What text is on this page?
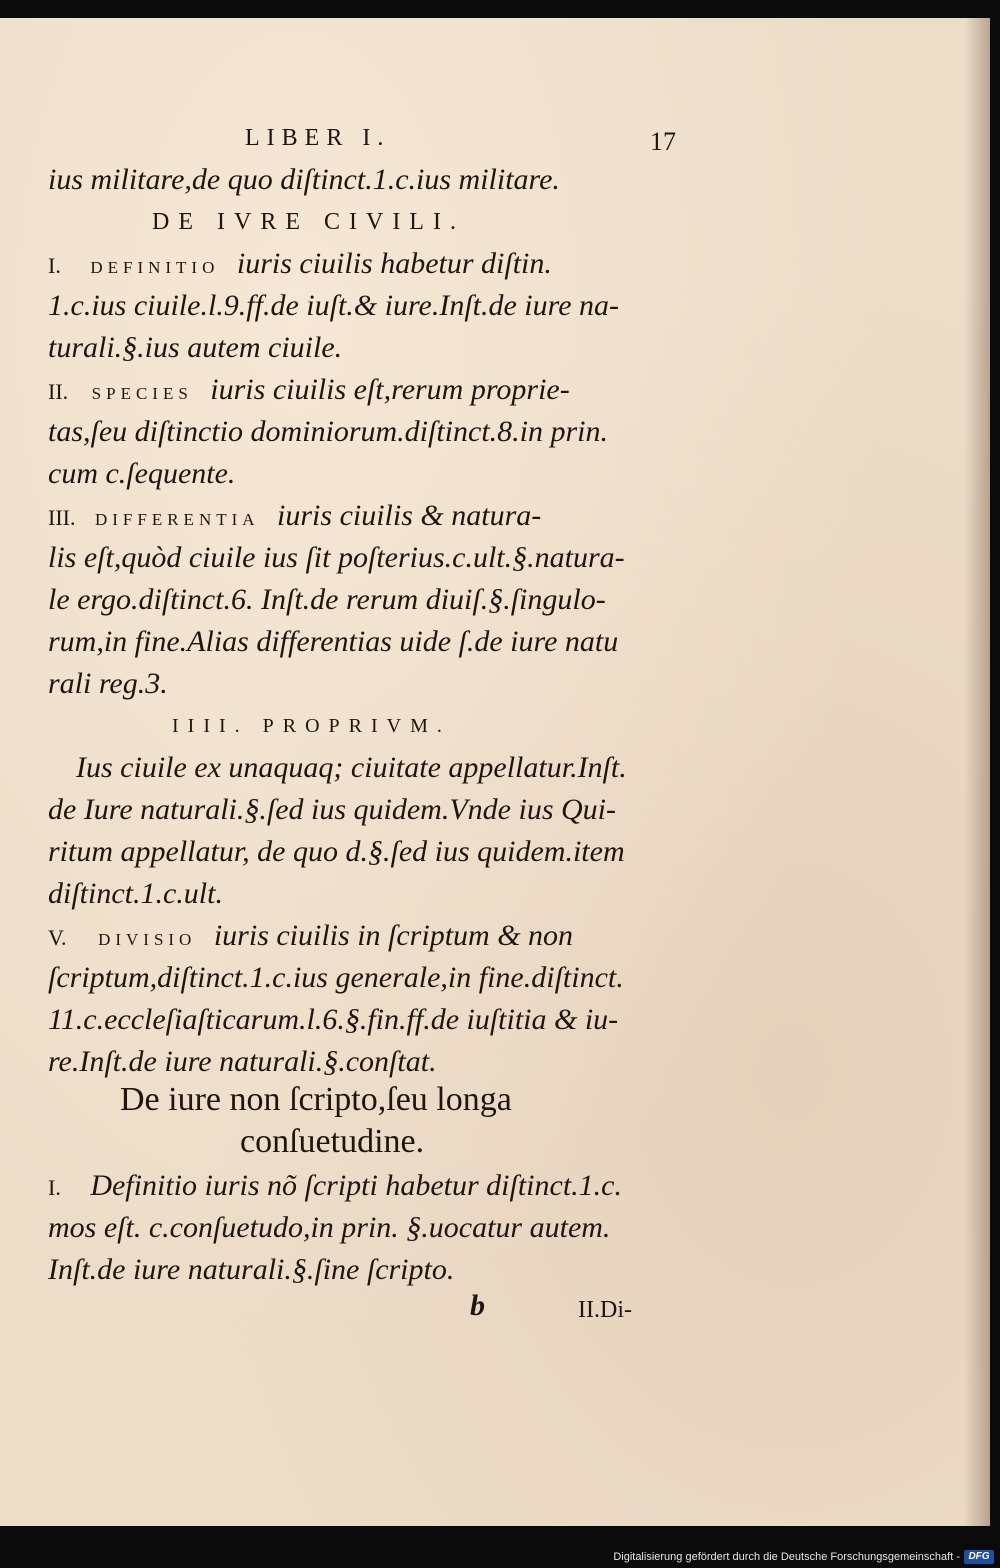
LIBER I.	17
ius militare,de quo diſtinct.1.c.ius militare.
DE IVRE CIVILI.
I. DEFINITIO iuris ciuilis habetur diſtin.
1.c.ius ciuile.l.9.ff.de iuſt.& iure.Inſt.de iure na-
turali.§.ius autem ciuile.
II. SPECIES iuris ciuilis eſt,rerum proprie-
tas,ſeu diſtinctio dominiorum.diſtinct.8.in prin.
cum c.ſequente.
III. DIFFERENTIA iuris ciuilis & natura-
lis eſt,quòd ciuile ius ſit poſterius.c.ult.§.natura-
le ergo.diſtinct.6. Inſt.de rerum diuiſ.§.ſingulo-
rum,in fine.Alias differentias uide ſ.de iure natu
rali reg.3.
IIII. PROPRIVM.
Ius ciuile ex unaquaq; ciuitate appellatur.Inſt.
de Iure naturali.§.ſed ius quidem.Vnde ius Qui-
ritum appellatur, de quo d.§.ſed ius quidem.item
diſtinct.1.c.ult.
V. DIVISIO iuris ciuilis in ſcriptum & non
ſcriptum,diſtinct.1.c.ius generale,in fine.diſtinct.
11.c.eccleſiaſticarum.l.6.§.fin.ff.de iuſtitia & iu-
re.Inſt.de iure naturali.§.conſtat.
De iure non ſcripto,ſeu longa
conſuetudine.
I. Definitio iuris nõ ſcripti habetur diſtinct.1.c.
mos eſt. c.conſuetudo,in prin. §.uocatur autem.
Inſt.de iure naturali.§.ſine ſcripto.
b	II.Di-
Digitalisierung gefördert durch die Deutsche Forschungsgemeinschaft - DFG
